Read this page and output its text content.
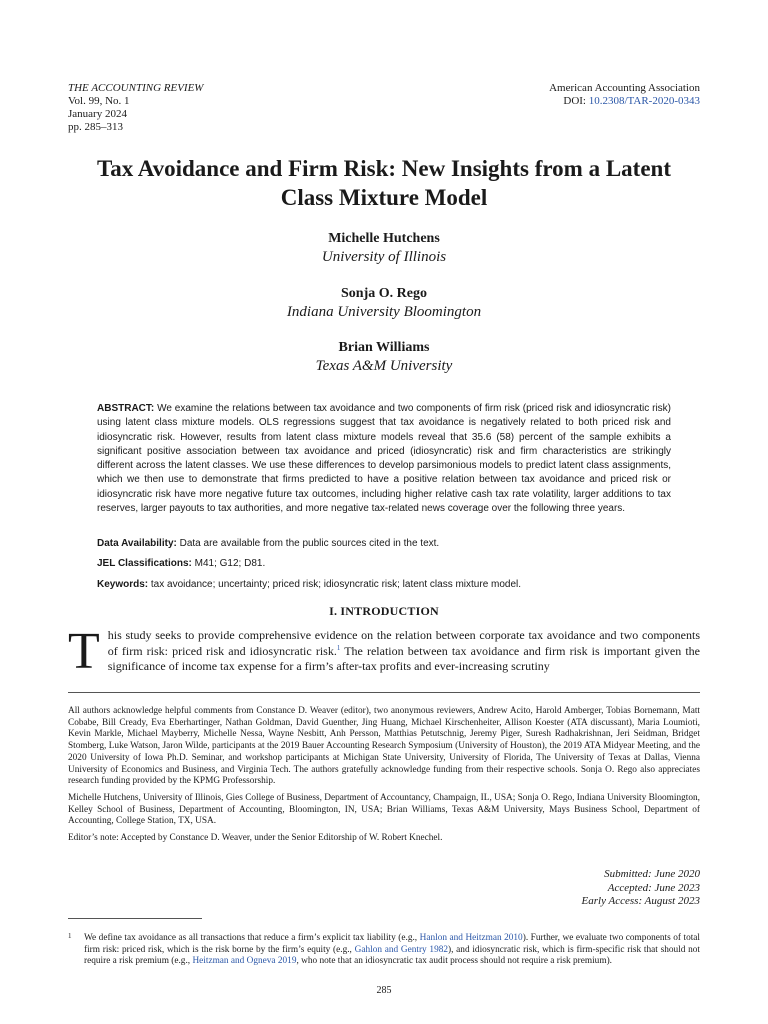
THE ACCOUNTING REVIEW
Vol. 99, No. 1
January 2024
pp. 285–313
American Accounting Association
DOI: 10.2308/TAR-2020-0343
Tax Avoidance and Firm Risk: New Insights from a Latent
Class Mixture Model
Michelle Hutchens
University of Illinois
Sonja O. Rego
Indiana University Bloomington
Brian Williams
Texas A&M University
ABSTRACT: We examine the relations between tax avoidance and two components of firm risk (priced risk and idiosyncratic risk) using latent class mixture models. OLS regressions suggest that tax avoidance is negatively related to both priced risk and idiosyncratic risk. However, results from latent class mixture models reveal that 35.6 (58) percent of the sample exhibits a significant positive association between tax avoidance and priced (idiosyncratic) risk and firm characteristics are strikingly different across the latent classes. We use these differences to develop parsimonious models to predict latent class assignments, which we then use to demonstrate that firms predicted to have a positive relation between tax avoidance and priced risk or idiosyncratic risk have more negative future tax outcomes, including higher relative cash tax rate volatility, larger additions to tax reserves, larger payouts to tax authorities, and more negative tax-related news coverage over the following three years.
Data Availability: Data are available from the public sources cited in the text.
JEL Classifications: M41; G12; D81.
Keywords: tax avoidance; uncertainty; priced risk; idiosyncratic risk; latent class mixture model.
I. INTRODUCTION
T his study seeks to provide comprehensive evidence on the relation between corporate tax avoidance and two components of firm risk: priced risk and idiosyncratic risk.$^1$ The relation between tax avoidance and firm risk is important given the significance of income tax expense for a firm’s after-tax profits and ever-increasing scrutiny

All authors acknowledge helpful comments from Constance D. Weaver (editor), two anonymous reviewers, Andrew Acito, Harold Amberger, Tobias Bornemann, Matt Cobabe, Bill Cready, Eva Eberhartinger, Nathan Goldman, David Guenther, Jing Huang, Michael Kirschenheiter, Allison Koester (ATA discussant), Maria Loumioti, Kevin Markle, Michael Mayberry, Michelle Nessa, Wayne Nesbitt, Anh Persson, Matthias Petutschnig, Jeremy Piger, Suresh Radhakrishnan, Jeri Seidman, Bridget Stomberg, Luke Watson, Jaron Wilde, participants at the 2019 Bauer Accounting Research Symposium (University of Houston), the 2019 ATA Midyear Meeting, and the 2020 University of Iowa Ph.D. Seminar, and workshop participants at Michigan State University, University of Florida, The University of Texas at Dallas, Vienna University of Economics and Business, and Virginia Tech. The authors gratefully acknowledge funding from their respective schools. Sonja O. Rego also appreciates research funding provided by the KPMG Professorship.

Michelle Hutchens, University of Illinois, Gies College of Business, Department of Accountancy, Champaign, IL, USA; Sonja O. Rego, Indiana University Bloomington, Kelley School of Business, Department of Accounting, Bloomington, IN, USA; Brian Williams, Texas A&M University, Mays Business School, Department of Accounting, College Station, TX, USA.

Editor’s note: Accepted by Constance D. Weaver, under the Senior Editorship of W. Robert Knechel.

Submitted: June 2020
Accepted: June 2023
Early Access: August 2023
1	We define tax avoidance as all transactions that reduce a firm’s explicit tax liability (e.g., Hanlon and Heitzman 2010). Further, we evaluate two components of total firm risk: priced risk, which is the risk borne by the firm’s equity (e.g., Gahlon and Gentry 1982), and idiosyncratic risk, which is firm-specific risk that should not require a risk premium (e.g., Heitzman and Ogneva 2019, who note that an idiosyncratic tax audit process should not require a risk premium).
285
